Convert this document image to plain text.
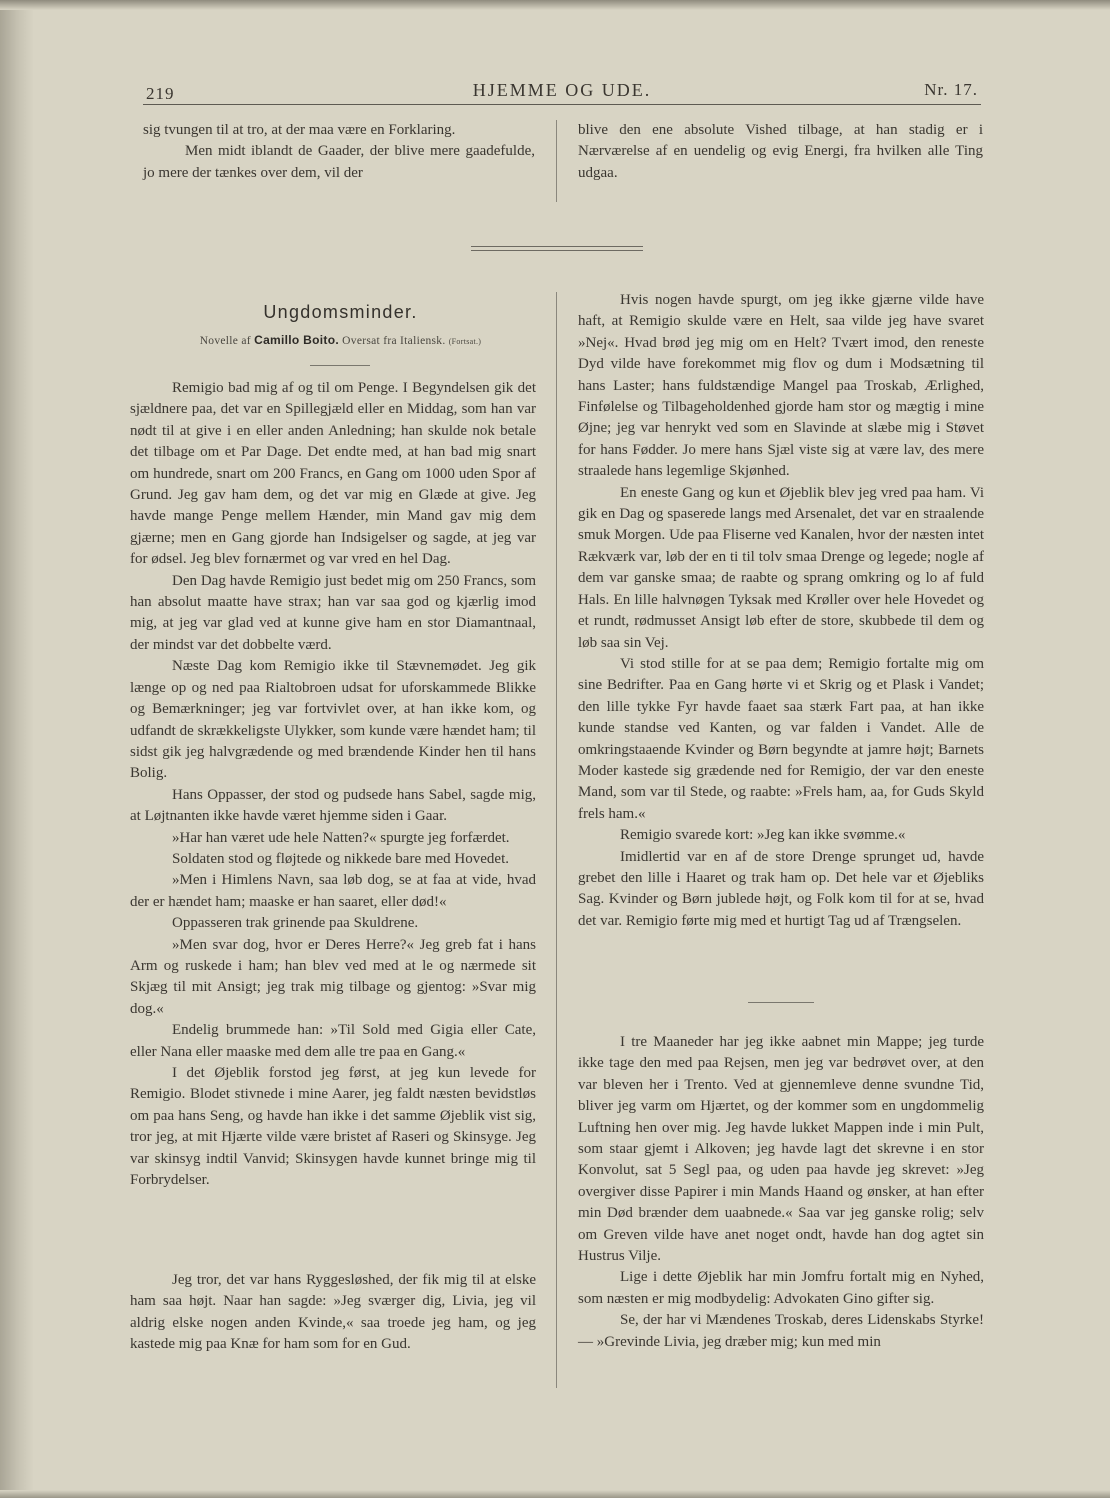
219	HJEMME OG UDE.	Nr. 17.

sig tvungen til at tro, at der maa være en Forklaring.

Men midt iblandt de Gaader, der blive mere gaadefulde, jo mere der tænkes over dem, vil der

blive den ene absolute Vished tilbage, at han stadig er i Nærværelse af en uendelig og evig Energi, fra hvilken alle Ting udgaa.

Ungdomsminder.
Novelle af Camillo Boito. Oversat fra Italiensk. (Fortsat.)

Remigio bad mig af og til om Penge. I Begyndelsen gik det sjældnere paa, det var en Spillegjæld eller en Middag, som han var nødt til at give i en eller anden Anledning; han skulde nok betale det tilbage om et Par Dage. Det endte med, at han bad mig snart om hundrede, snart om 200 Francs, en Gang om 1000 uden Spor af Grund. Jeg gav ham dem, og det var mig en Glæde at give. Jeg havde mange Penge mellem Hænder, min Mand gav mig dem gjærne; men en Gang gjorde han Indsigelser og sagde, at jeg var for ødsel. Jeg blev fornærmet og var vred en hel Dag.

Den Dag havde Remigio just bedet mig om 250 Francs, som han absolut maatte have strax; han var saa god og kjærlig imod mig, at jeg var glad ved at kunne give ham en stor Diamantnaal, der mindst var det dobbelte værd.

Næste Dag kom Remigio ikke til Stævnemødet. Jeg gik længe op og ned paa Rialtobroen udsat for uforskammede Blikke og Bemærkninger; jeg var fortvivlet over, at han ikke kom, og udfandt de skrækkeligste Ulykker, som kunde være hændet ham; til sidst gik jeg halvgrædende og med brændende Kinder hen til hans Bolig.

Hans Oppasser, der stod og pudsede hans Sabel, sagde mig, at Løjtnanten ikke havde været hjemme siden i Gaar.

»Har han været ude hele Natten?« spurgte jeg forfærdet.

Soldaten stod og fløjtede og nikkede bare med Hovedet.

»Men i Himlens Navn, saa løb dog, se at faa at vide, hvad der er hændet ham; maaske er han saaret, eller død!«

Oppasseren trak grinende paa Skuldrene.

»Men svar dog, hvor er Deres Herre?« Jeg greb fat i hans Arm og ruskede i ham; han blev ved med at le og nærmede sit Skjæg til mit Ansigt; jeg trak mig tilbage og gjentog: »Svar mig dog.«

Endelig brummede han: »Til Sold med Gigia eller Cate, eller Nana eller maaske med dem alle tre paa en Gang.«

I det Øjeblik forstod jeg først, at jeg kun levede for Remigio. Blodet stivnede i mine Aarer, jeg faldt næsten bevidstløs om paa hans Seng, og havde han ikke i det samme Øjeblik vist sig, tror jeg, at mit Hjærte vilde være bristet af Raseri og Skinsyge. Jeg var skinsyg indtil Vanvid; Skinsygen havde kunnet bringe mig til Forbrydelser.

Jeg tror, det var hans Ryggesløshed, der fik mig til at elske ham saa højt. Naar han sagde: »Jeg sværger dig, Livia, jeg vil aldrig elske nogen anden Kvinde,« saa troede jeg ham, og jeg kastede mig paa Knæ for ham som for en Gud.

Hvis nogen havde spurgt, om jeg ikke gjærne vilde have haft, at Remigio skulde være en Helt, saa vilde jeg have svaret »Nej«. Hvad brød jeg mig om en Helt? Tvært imod, den reneste Dyd vilde have forekommet mig flov og dum i Modsætning til hans Laster; hans fuldstændige Mangel paa Troskab, Ærlighed, Finfølelse og Tilbageholdenhed gjorde ham stor og mægtig i mine Øjne; jeg var henrykt ved som en Slavinde at slæbe mig i Støvet for hans Fødder. Jo mere hans Sjæl viste sig at være lav, des mere straalede hans legemlige Skjønhed.

En eneste Gang og kun et Øjeblik blev jeg vred paa ham. Vi gik en Dag og spaserede langs med Arsenalet, det var en straalende smuk Morgen. Ude paa Fliserne ved Kanalen, hvor der næsten intet Rækværk var, løb der en ti til tolv smaa Drenge og legede; nogle af dem var ganske smaa; de raabte og sprang omkring og lo af fuld Hals. En lille halvnøgen Tyksak med Krøller over hele Hovedet og et rundt, rødmusset Ansigt løb efter de store, skubbede til dem og løb saa sin Vej.

Vi stod stille for at se paa dem; Remigio fortalte mig om sine Bedrifter. Paa en Gang hørte vi et Skrig og et Plask i Vandet; den lille tykke Fyr havde faaet saa stærk Fart paa, at han ikke kunde standse ved Kanten, og var falden i Vandet. Alle de omkringstaaende Kvinder og Børn begyndte at jamre højt; Barnets Moder kastede sig grædende ned for Remigio, der var den eneste Mand, som var til Stede, og raabte: »Frels ham, aa, for Guds Skyld frels ham.«

Remigio svarede kort: »Jeg kan ikke svømme.«

Imidlertid var en af de store Drenge sprunget ud, havde grebet den lille i Haaret og trak ham op. Det hele var et Øjebliks Sag. Kvinder og Børn jublede højt, og Folk kom til for at se, hvad det var. Remigio førte mig med et hurtigt Tag ud af Trængselen.

I tre Maaneder har jeg ikke aabnet min Mappe; jeg turde ikke tage den med paa Rejsen, men jeg var bedrøvet over, at den var bleven her i Trento. Ved at gjennemleve denne svundne Tid, bliver jeg varm om Hjærtet, og der kommer som en ungdommelig Luftning hen over mig. Jeg havde lukket Mappen inde i min Pult, som staar gjemt i Alkoven; jeg havde lagt det skrevne i en stor Konvolut, sat 5 Segl paa, og uden paa havde jeg skrevet: »Jeg overgiver disse Papirer i min Mands Haand og ønsker, at han efter min Død brænder dem uaabnede.« Saa var jeg ganske rolig; selv om Greven vilde have anet noget ondt, havde han dog agtet sin Hustrus Vilje.

Lige i dette Øjeblik har min Jomfru fortalt mig en Nyhed, som næsten er mig modbydelig: Advokaten Gino gifter sig.

Se, der har vi Mændenes Troskab, deres Lidenskabs Styrke! — »Grevinde Livia, jeg dræber mig; kun med min
